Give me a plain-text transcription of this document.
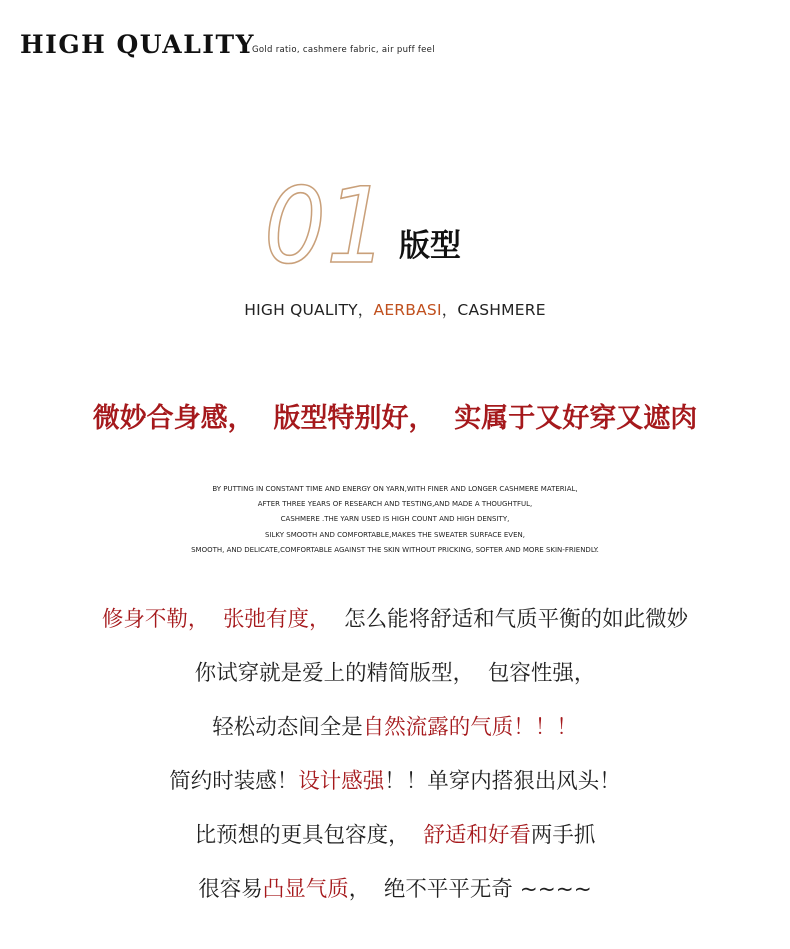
HIGH QUALITY
Gold ratio, cashmere fabric, air puff feel
01 版型
HIGH QUALITY，AERBASI，CASHMERE
微妙合身感，  版型特别好，  实属于又好穿又遮肉
BY PUTTING IN CONSTANT TIME AND ENERGY ON YARN,WITH FINER AND LONGER CASHMERE MATERIAL,
AFTER THREE YEARS OF RESEARCH AND TESTING,AND MADE A THOUGHTFUL,
CASHMERE .THE YARN USED IS HIGH COUNT AND HIGH DENSITY,
SILKY SMOOTH AND COMFORTABLE,MAKES THE SWEATER SURFACE EVEN,
SMOOTH, AND DELICATE,COMFORTABLE AGAINST THE SKIN WITHOUT PRICKING, SOFTER AND MORE SKIN-FRIENDLY.
修身不勒， 张弛有度，  怎么能将舒适和气质平衡的如此微妙
你试穿就是爱上的精简版型，  包容性强，
轻松动态间全是自然流露的气质！！！
简约时装感！设计感强！！单穿内搭狠出风头！
比预想的更具包容度，  舒适和好看两手抓
很容易凸显气质，  绝不平平无奇 ~~~~
